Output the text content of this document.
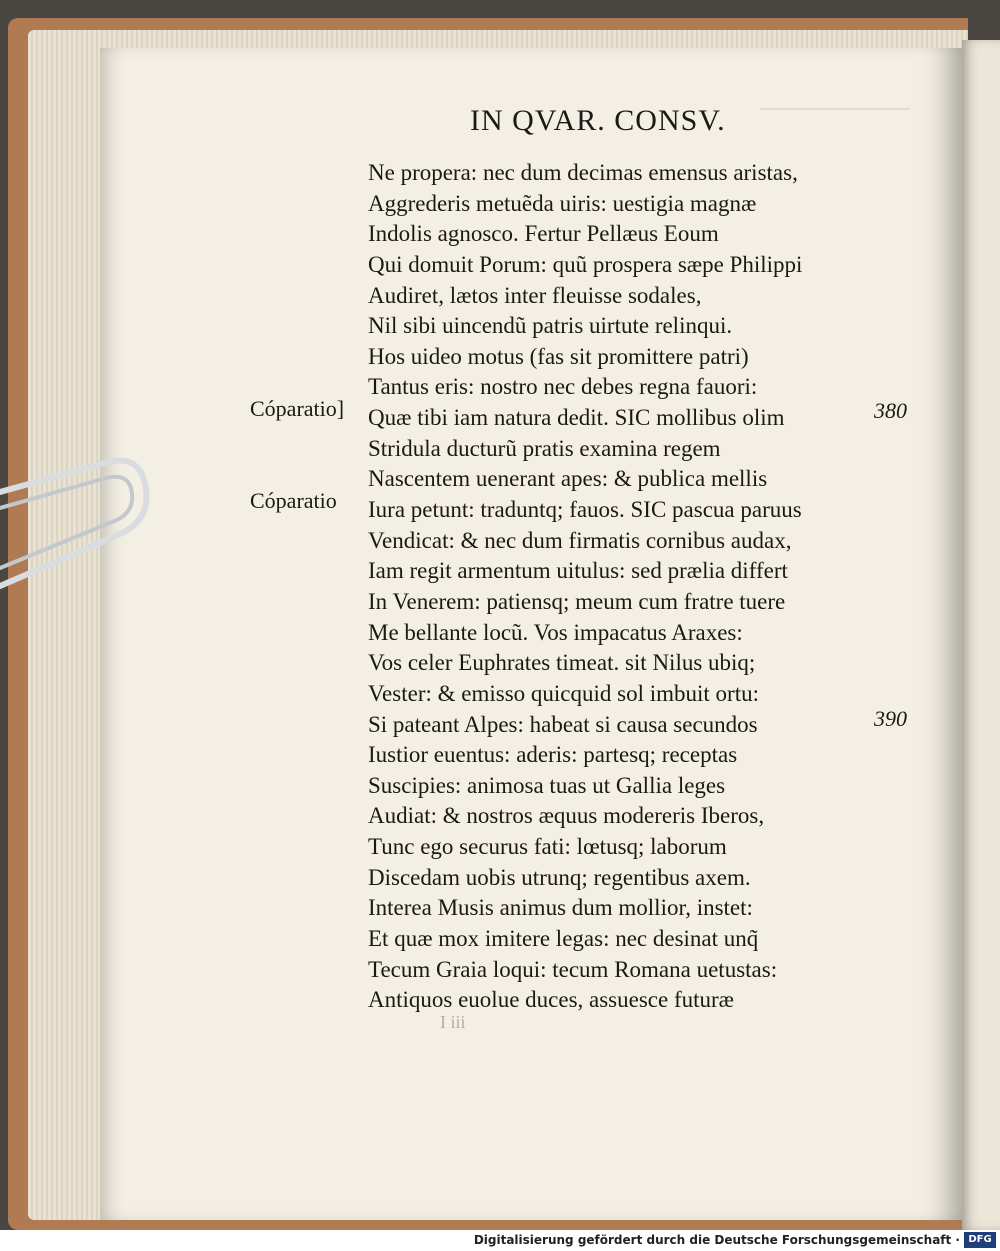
IN QVAR. CONSV.
Ne propera: nec dum decimas emensus aristas,
Aggrederis metuẽda uiris: uestigia magnæ
Indolis agnosco. Fertur Pellæus Eoum
Qui domuit Porum: quũ prospera sæpe Philippi
Audiret, lætos inter fleuisse sodales,
Nil sibi uincendũ patris uirtute relinqui.
Hos uideo motus (fas sit promittere patri)
Tantus eris: nostro nec debes regna fauori:
Quæ tibi iam natura dedit. SIC mollibus olim
Stridula ducturũ pratis examina regem
Nascentem uenerant apes: & publica mellis
Iura petunt: traduntq; fauos. SIC pascua paruus
Vendicat: & nec dum firmatis cornibus audax,
Iam regit armentum uitulus: sed prælia differt
In Venerem: patiensq; meum cum fratre tuere
Me bellante locũ. Vos impacatus Araxes:
Vos celer Euphrates timeat. sit Nilus ubiq;
Vester: & emisso quicquid sol imbuit ortu:
Si pateant Alpes: habeat si causa secundos
Iustior euentus: aderis: partesq; receptas
Suscipies: animosa tuas ut Gallia leges
Audiat: & nostros æquus modereris Iberos,
Tunc ego securus fati: lœtusq; laborum
Discedam uobis utrunq; regentibus axem.
Interea Musis animus dum mollior, instet:
Et quæ mox imitere legas: nec desinat unq̃
Tecum Graia loqui: tecum Romana uetustas:
Antiquos euolue duces, assuesce futuræ
Cóparatio]
Cóparatio
380
390
I iii
Digitalisierung gefördert durch die Deutsche Forschungsgemeinschaft · DFG
